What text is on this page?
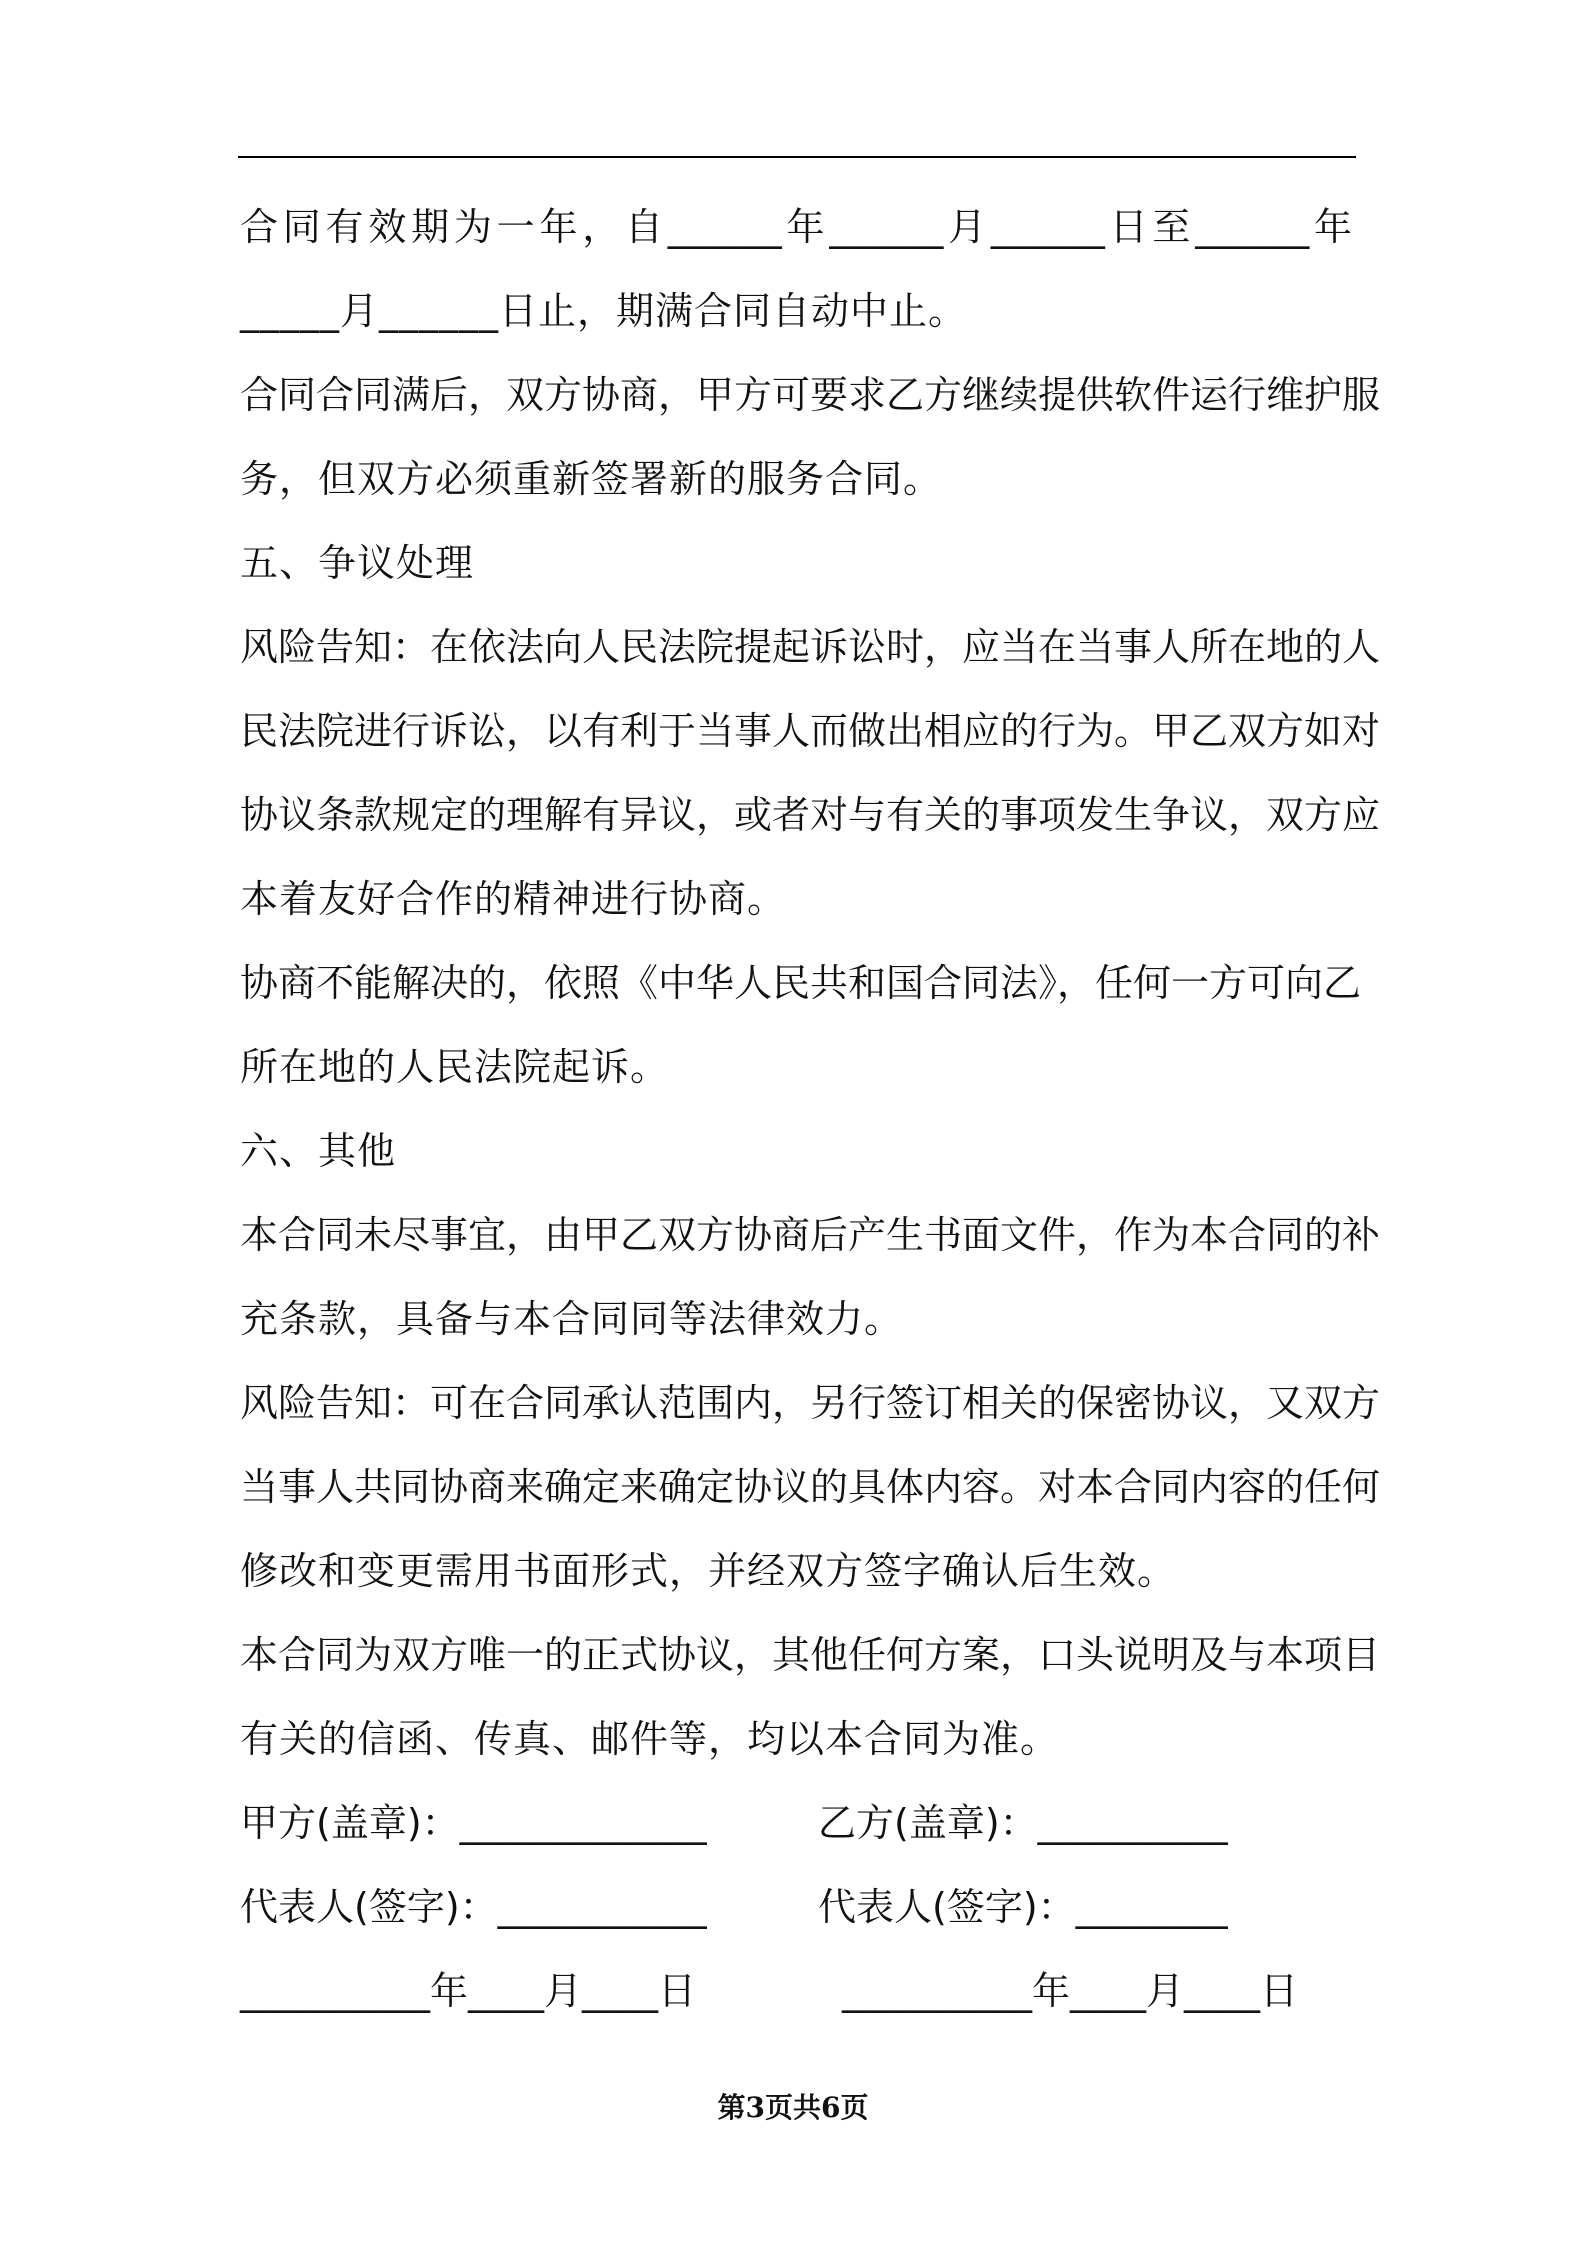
合同有效期为一年，自______年______月______日至______年
_____月______日止，期满合同自动中止。
合同合同满后，双方协商，甲方可要求乙方继续提供软件运行维护服
务，但双方必须重新签署新的服务合同。
五、争议处理
风险告知：在依法向人民法院提起诉讼时，应当在当事人所在地的人
民法院进行诉讼，以有利于当事人而做出相应的行为。甲乙双方如对
协议条款规定的理解有异议，或者对与有关的事项发生争议，双方应
本着友好合作的精神进行协商。
协商不能解决的，依照《中华人民共和国合同法》，任何一方可向乙
所在地的人民法院起诉。
六、其他
本合同未尽事宜，由甲乙双方协商后产生书面文件，作为本合同的补
充条款，具备与本合同同等法律效力。
风险告知：可在合同承认范围内，另行签订相关的保密协议，又双方
当事人共同协商来确定来确定协议的具体内容。对本合同内容的任何
修改和变更需用书面形式，并经双方签字确认后生效。
本合同为双方唯一的正式协议，其他任何方案，口头说明及与本项目
有关的信函、传真、邮件等，均以本合同为准。
甲方(盖章)：_____________	乙方(盖章)：__________
代表人(签字)：___________	代表人(签字)：________
__________年____月____日	__________年____月____日
第3页共6页
